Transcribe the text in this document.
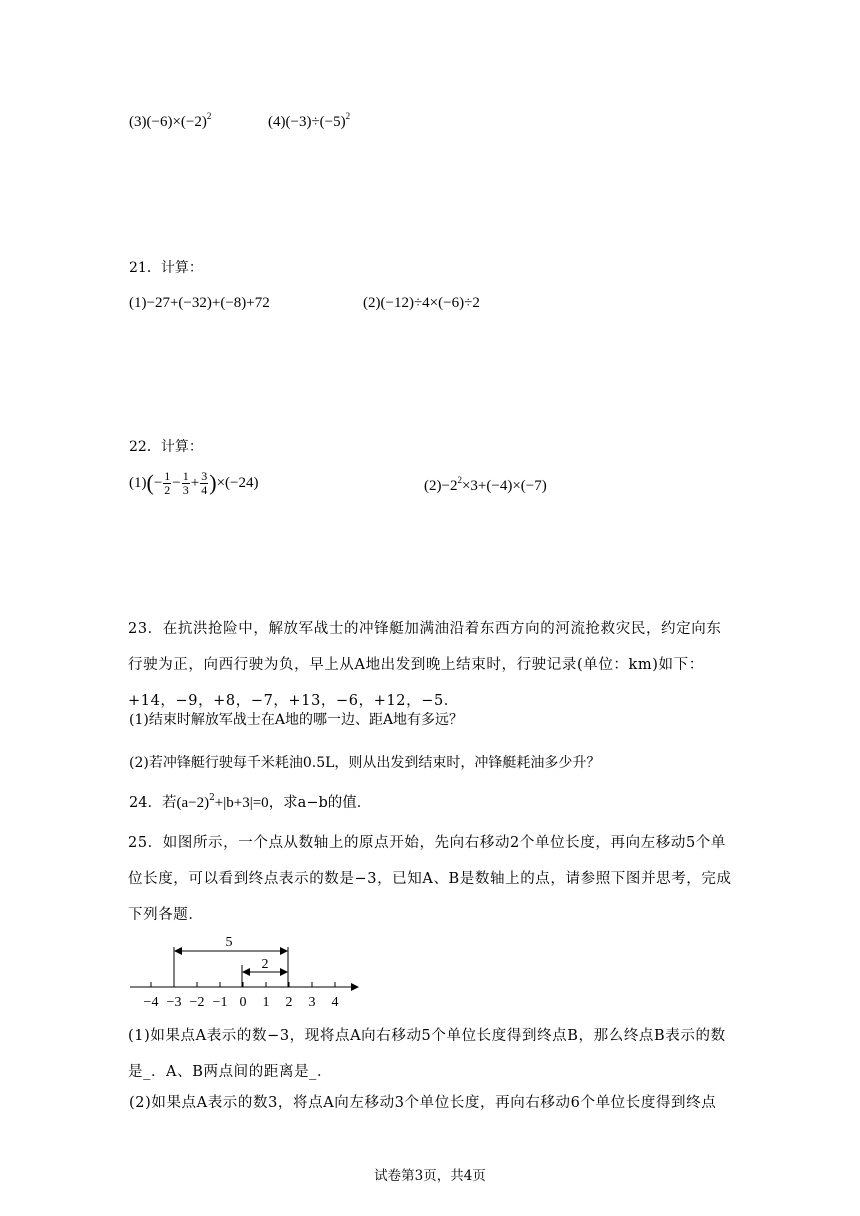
$(3)(-6)\times(-2)^2$	$(4)(-3)\div(-5)^2$
21．计算：
(1)−27+(−32)+(−8)+72	(2)(−12)÷4×(−6)÷2
22．计算：
$(1)(- \frac{1}{2} - \frac{1}{3} + \frac{3}{4} )\times(-24)$	$(2)-2^2\times 3+(-4)\times(-7)$
23．在抗洪抢险中，解放军战士的冲锋艇加满油沿着东西方向的河流抢救灾民，约定向东行驶为正，向西行驶为负，早上从A地出发到晚上结束时，行驶记录(单位：km)如下：+14，−9，+8，−7，+13，−6，+12，−5．
(1)结束时解放军战士在A地的哪一边、距A地有多远？
(2)若冲锋艇行驶每千米耗油0.5L，则从出发到结束时，冲锋艇耗油多少升？
24．若$(a-2)^2+|b+3|=0$，求a−b的值．
25．如图所示，一个点从数轴上的原点开始，先向右移动2个单位长度，再向左移动5个单位长度，可以看到终点表示的数是−3，已知A、B是数轴上的点，请参照下图并思考，完成下列各题．
5
2
−4 −3 −2 −1 0 1 2 3 4
(1)如果点A表示的数−3，现将点A向右移动5个单位长度得到终点B，那么终点B表示的数是_．A、B两点间的距离是_．
(2)如果点A表示的数3，将点A向左移动3个单位长度，再向右移动6个单位长度得到终点
试卷第3页，共4页
